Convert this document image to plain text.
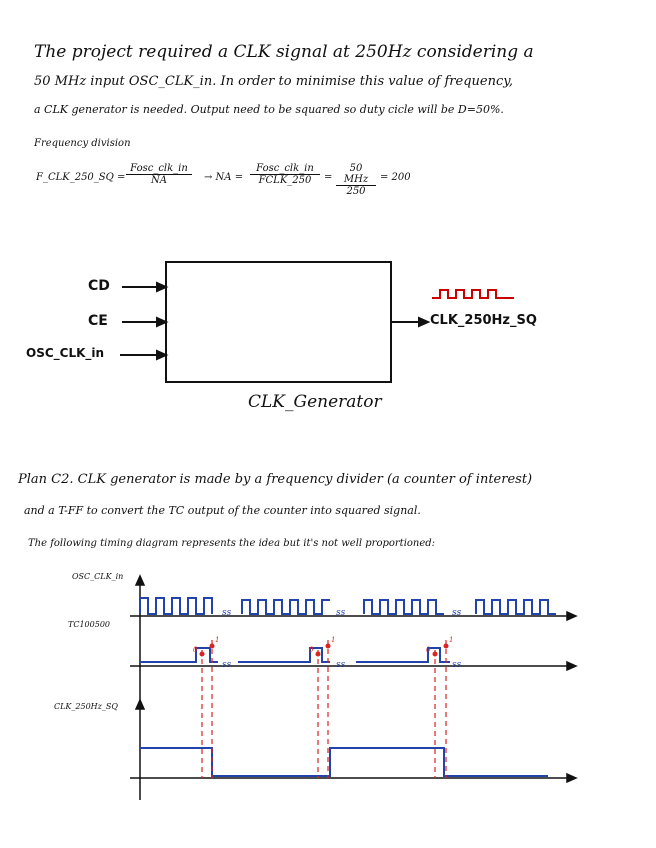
The project required a CLK signal at 250Hz considering a
50 MHz input OSC_CLK_in. In order to minimise this value of frequency,
a CLK generator is needed. Output need to be squared so duty cicle will be D=50%.
Frequency division
F_CLK_250_SQ =
Fosc_clk_in
NA	→ NA =
Fosc_clk_in
FCLK_250	=
50 MHz
250
= 200
CD
CE
OSC_CLK_in
CLK_250Hz_SQ
CLK_Generator
Plan C2. CLK generator is made by a frequency divider (a counter of interest)
and a T-FF to convert the TC output of the counter into squared signal.
The following timing diagram represents the idea but it's not well proportioned:
OSC_CLK_in
TC100500
CLK_250Hz_SQ
ss	ss	ss
ss	ss	ss
0
1
0
1
0
1
